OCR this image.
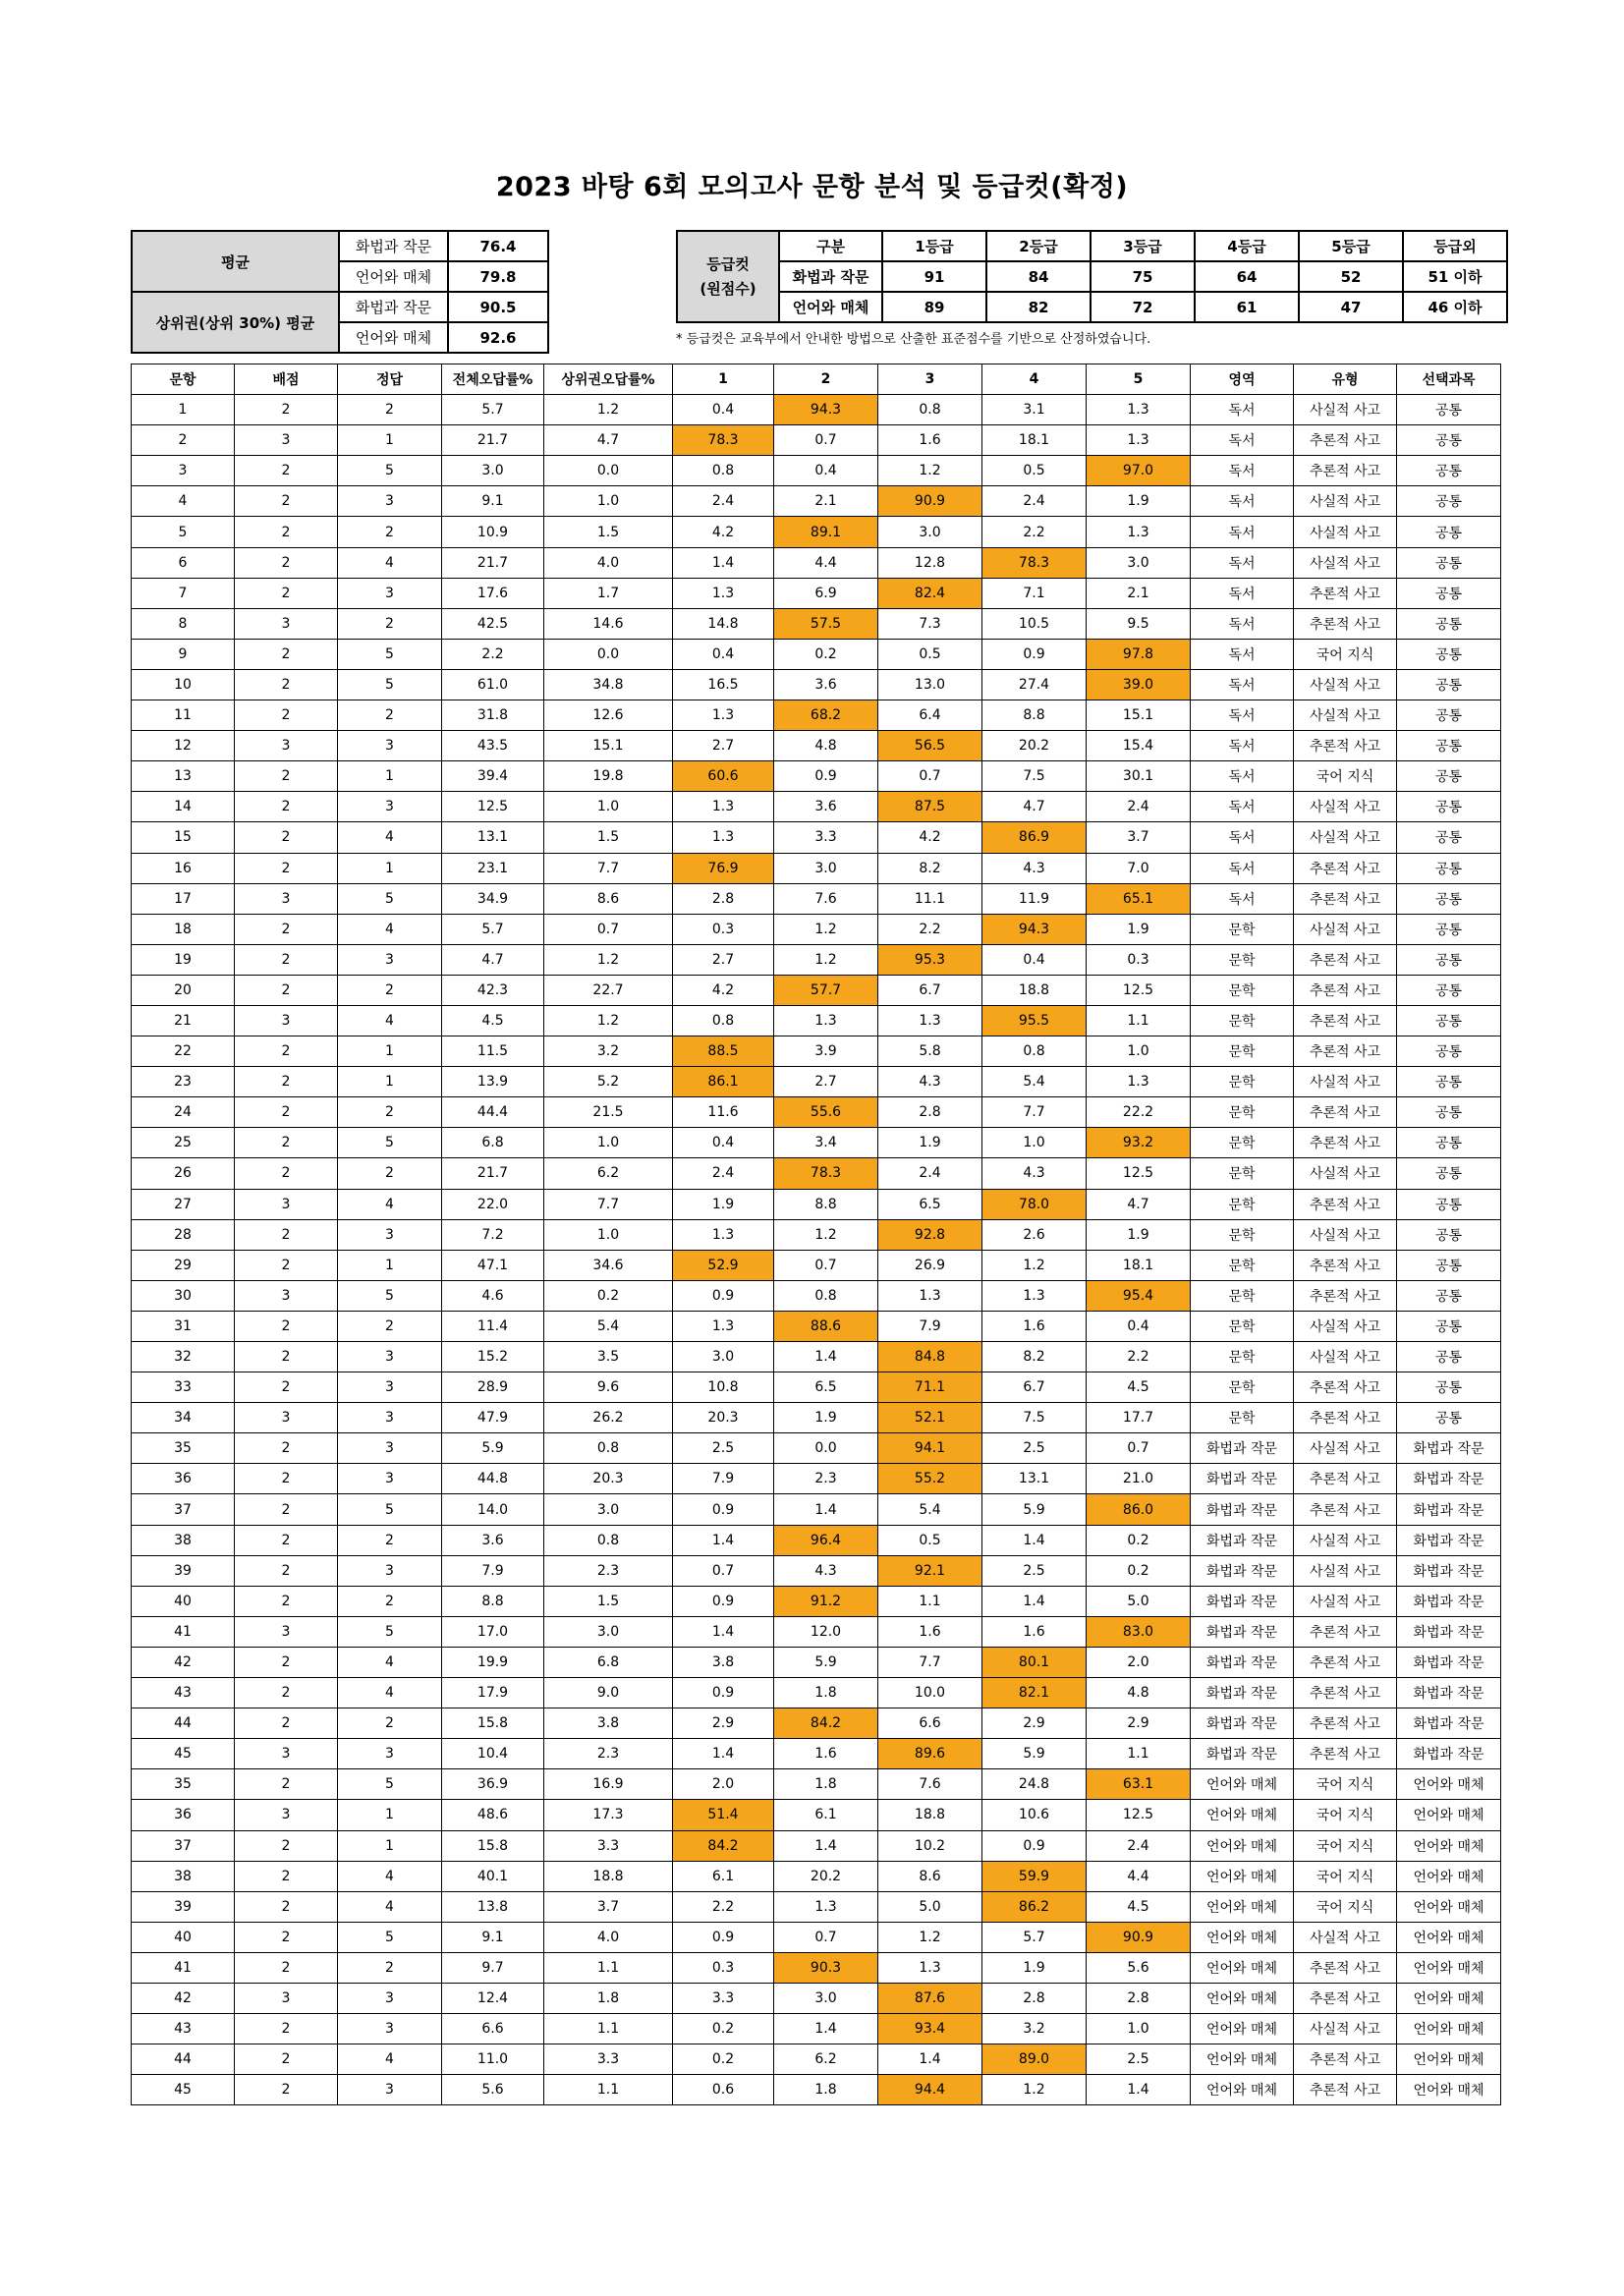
2023 바탕 6회 모의고사 문항 분석 및 등급컷(확정)
평균	화법과 작문	76.4
	언어와 매체	79.8
상위권(상위 30%) 평균	화법과 작문	90.5
	언어와 매체	92.6
등급컷
(원점수)	구분	1등급	2등급	3등급	4등급	5등급	등급외
	화법과 작문	91	84	75	64	52	51 이하
	언어와 매체	89	82	72	61	47	46 이하
* 등급컷은 교육부에서 안내한 방법으로 산출한 표준점수를 기반으로 산정하였습니다.
문항	배점	정답	전체오답률%	상위권오답률%	1	2	3	4	5	영역	유형	선택과목
1	2	2	5.7	1.2	0.4	94.3	0.8	3.1	1.3	독서	사실적 사고	공통
2	3	1	21.7	4.7	78.3	0.7	1.6	18.1	1.3	독서	추론적 사고	공통
3	2	5	3.0	0.0	0.8	0.4	1.2	0.5	97.0	독서	추론적 사고	공통
4	2	3	9.1	1.0	2.4	2.1	90.9	2.4	1.9	독서	사실적 사고	공통
5	2	2	10.9	1.5	4.2	89.1	3.0	2.2	1.3	독서	사실적 사고	공통
6	2	4	21.7	4.0	1.4	4.4	12.8	78.3	3.0	독서	사실적 사고	공통
7	2	3	17.6	1.7	1.3	6.9	82.4	7.1	2.1	독서	추론적 사고	공통
8	3	2	42.5	14.6	14.8	57.5	7.3	10.5	9.5	독서	추론적 사고	공통
9	2	5	2.2	0.0	0.4	0.2	0.5	0.9	97.8	독서	국어 지식	공통
10	2	5	61.0	34.8	16.5	3.6	13.0	27.4	39.0	독서	사실적 사고	공통
11	2	2	31.8	12.6	1.3	68.2	6.4	8.8	15.1	독서	사실적 사고	공통
12	3	3	43.5	15.1	2.7	4.8	56.5	20.2	15.4	독서	추론적 사고	공통
13	2	1	39.4	19.8	60.6	0.9	0.7	7.5	30.1	독서	국어 지식	공통
14	2	3	12.5	1.0	1.3	3.6	87.5	4.7	2.4	독서	사실적 사고	공통
15	2	4	13.1	1.5	1.3	3.3	4.2	86.9	3.7	독서	사실적 사고	공통
16	2	1	23.1	7.7	76.9	3.0	8.2	4.3	7.0	독서	추론적 사고	공통
17	3	5	34.9	8.6	2.8	7.6	11.1	11.9	65.1	독서	추론적 사고	공통
18	2	4	5.7	0.7	0.3	1.2	2.2	94.3	1.9	문학	사실적 사고	공통
19	2	3	4.7	1.2	2.7	1.2	95.3	0.4	0.3	문학	추론적 사고	공통
20	2	2	42.3	22.7	4.2	57.7	6.7	18.8	12.5	문학	추론적 사고	공통
21	3	4	4.5	1.2	0.8	1.3	1.3	95.5	1.1	문학	추론적 사고	공통
22	2	1	11.5	3.2	88.5	3.9	5.8	0.8	1.0	문학	추론적 사고	공통
23	2	1	13.9	5.2	86.1	2.7	4.3	5.4	1.3	문학	사실적 사고	공통
24	2	2	44.4	21.5	11.6	55.6	2.8	7.7	22.2	문학	추론적 사고	공통
25	2	5	6.8	1.0	0.4	3.4	1.9	1.0	93.2	문학	추론적 사고	공통
26	2	2	21.7	6.2	2.4	78.3	2.4	4.3	12.5	문학	사실적 사고	공통
27	3	4	22.0	7.7	1.9	8.8	6.5	78.0	4.7	문학	추론적 사고	공통
28	2	3	7.2	1.0	1.3	1.2	92.8	2.6	1.9	문학	사실적 사고	공통
29	2	1	47.1	34.6	52.9	0.7	26.9	1.2	18.1	문학	추론적 사고	공통
30	3	5	4.6	0.2	0.9	0.8	1.3	1.3	95.4	문학	추론적 사고	공통
31	2	2	11.4	5.4	1.3	88.6	7.9	1.6	0.4	문학	사실적 사고	공통
32	2	3	15.2	3.5	3.0	1.4	84.8	8.2	2.2	문학	사실적 사고	공통
33	2	3	28.9	9.6	10.8	6.5	71.1	6.7	4.5	문학	추론적 사고	공통
34	3	3	47.9	26.2	20.3	1.9	52.1	7.5	17.7	문학	추론적 사고	공통
35	2	3	5.9	0.8	2.5	0.0	94.1	2.5	0.7	화법과 작문	사실적 사고	화법과 작문
36	2	3	44.8	20.3	7.9	2.3	55.2	13.1	21.0	화법과 작문	추론적 사고	화법과 작문
37	2	5	14.0	3.0	0.9	1.4	5.4	5.9	86.0	화법과 작문	추론적 사고	화법과 작문
38	2	2	3.6	0.8	1.4	96.4	0.5	1.4	0.2	화법과 작문	사실적 사고	화법과 작문
39	2	3	7.9	2.3	0.7	4.3	92.1	2.5	0.2	화법과 작문	사실적 사고	화법과 작문
40	2	2	8.8	1.5	0.9	91.2	1.1	1.4	5.0	화법과 작문	사실적 사고	화법과 작문
41	3	5	17.0	3.0	1.4	12.0	1.6	1.6	83.0	화법과 작문	추론적 사고	화법과 작문
42	2	4	19.9	6.8	3.8	5.9	7.7	80.1	2.0	화법과 작문	추론적 사고	화법과 작문
43	2	4	17.9	9.0	0.9	1.8	10.0	82.1	4.8	화법과 작문	추론적 사고	화법과 작문
44	2	2	15.8	3.8	2.9	84.2	6.6	2.9	2.9	화법과 작문	추론적 사고	화법과 작문
45	3	3	10.4	2.3	1.4	1.6	89.6	5.9	1.1	화법과 작문	추론적 사고	화법과 작문
35	2	5	36.9	16.9	2.0	1.8	7.6	24.8	63.1	언어와 매체	국어 지식	언어와 매체
36	3	1	48.6	17.3	51.4	6.1	18.8	10.6	12.5	언어와 매체	국어 지식	언어와 매체
37	2	1	15.8	3.3	84.2	1.4	10.2	0.9	2.4	언어와 매체	국어 지식	언어와 매체
38	2	4	40.1	18.8	6.1	20.2	8.6	59.9	4.4	언어와 매체	국어 지식	언어와 매체
39	2	4	13.8	3.7	2.2	1.3	5.0	86.2	4.5	언어와 매체	국어 지식	언어와 매체
40	2	5	9.1	4.0	0.9	0.7	1.2	5.7	90.9	언어와 매체	사실적 사고	언어와 매체
41	2	2	9.7	1.1	0.3	90.3	1.3	1.9	5.6	언어와 매체	추론적 사고	언어와 매체
42	3	3	12.4	1.8	3.3	3.0	87.6	2.8	2.8	언어와 매체	추론적 사고	언어와 매체
43	2	3	6.6	1.1	0.2	1.4	93.4	3.2	1.0	언어와 매체	사실적 사고	언어와 매체
44	2	4	11.0	3.3	0.2	6.2	1.4	89.0	2.5	언어와 매체	추론적 사고	언어와 매체
45	2	3	5.6	1.1	0.6	1.8	94.4	1.2	1.4	언어와 매체	추론적 사고	언어와 매체
